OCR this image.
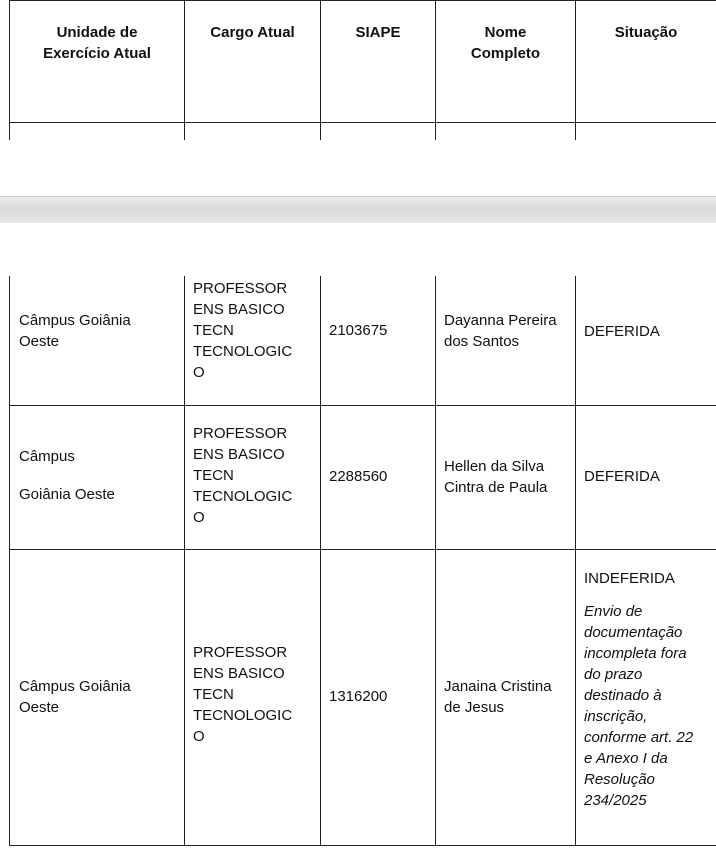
Unidade de
Exercício Atual
Cargo Atual	SIAPE	Nome
Completo
Situação
Câmpus Goiânia
Oeste
PROFESSOR
ENS BASICO
TECN
TECNOLOGIC
O
2103675
Dayanna Pereira
dos Santos
DEFERIDA
Câmpus
Goiânia Oeste
PROFESSOR
ENS BASICO
TECN
TECNOLOGIC
O
2288560
Hellen da Silva
Cintra de Paula
DEFERIDA
Câmpus Goiânia
Oeste
PROFESSOR
ENS BASICO
TECN
TECNOLOGIC
O
1316200
Janaina Cristina
de Jesus
INDEFERIDA
Envio de
documentação
incompleta fora
do prazo
destinado à
inscrição,
conforme art. 22
e Anexo I da
Resolução
234/2025
